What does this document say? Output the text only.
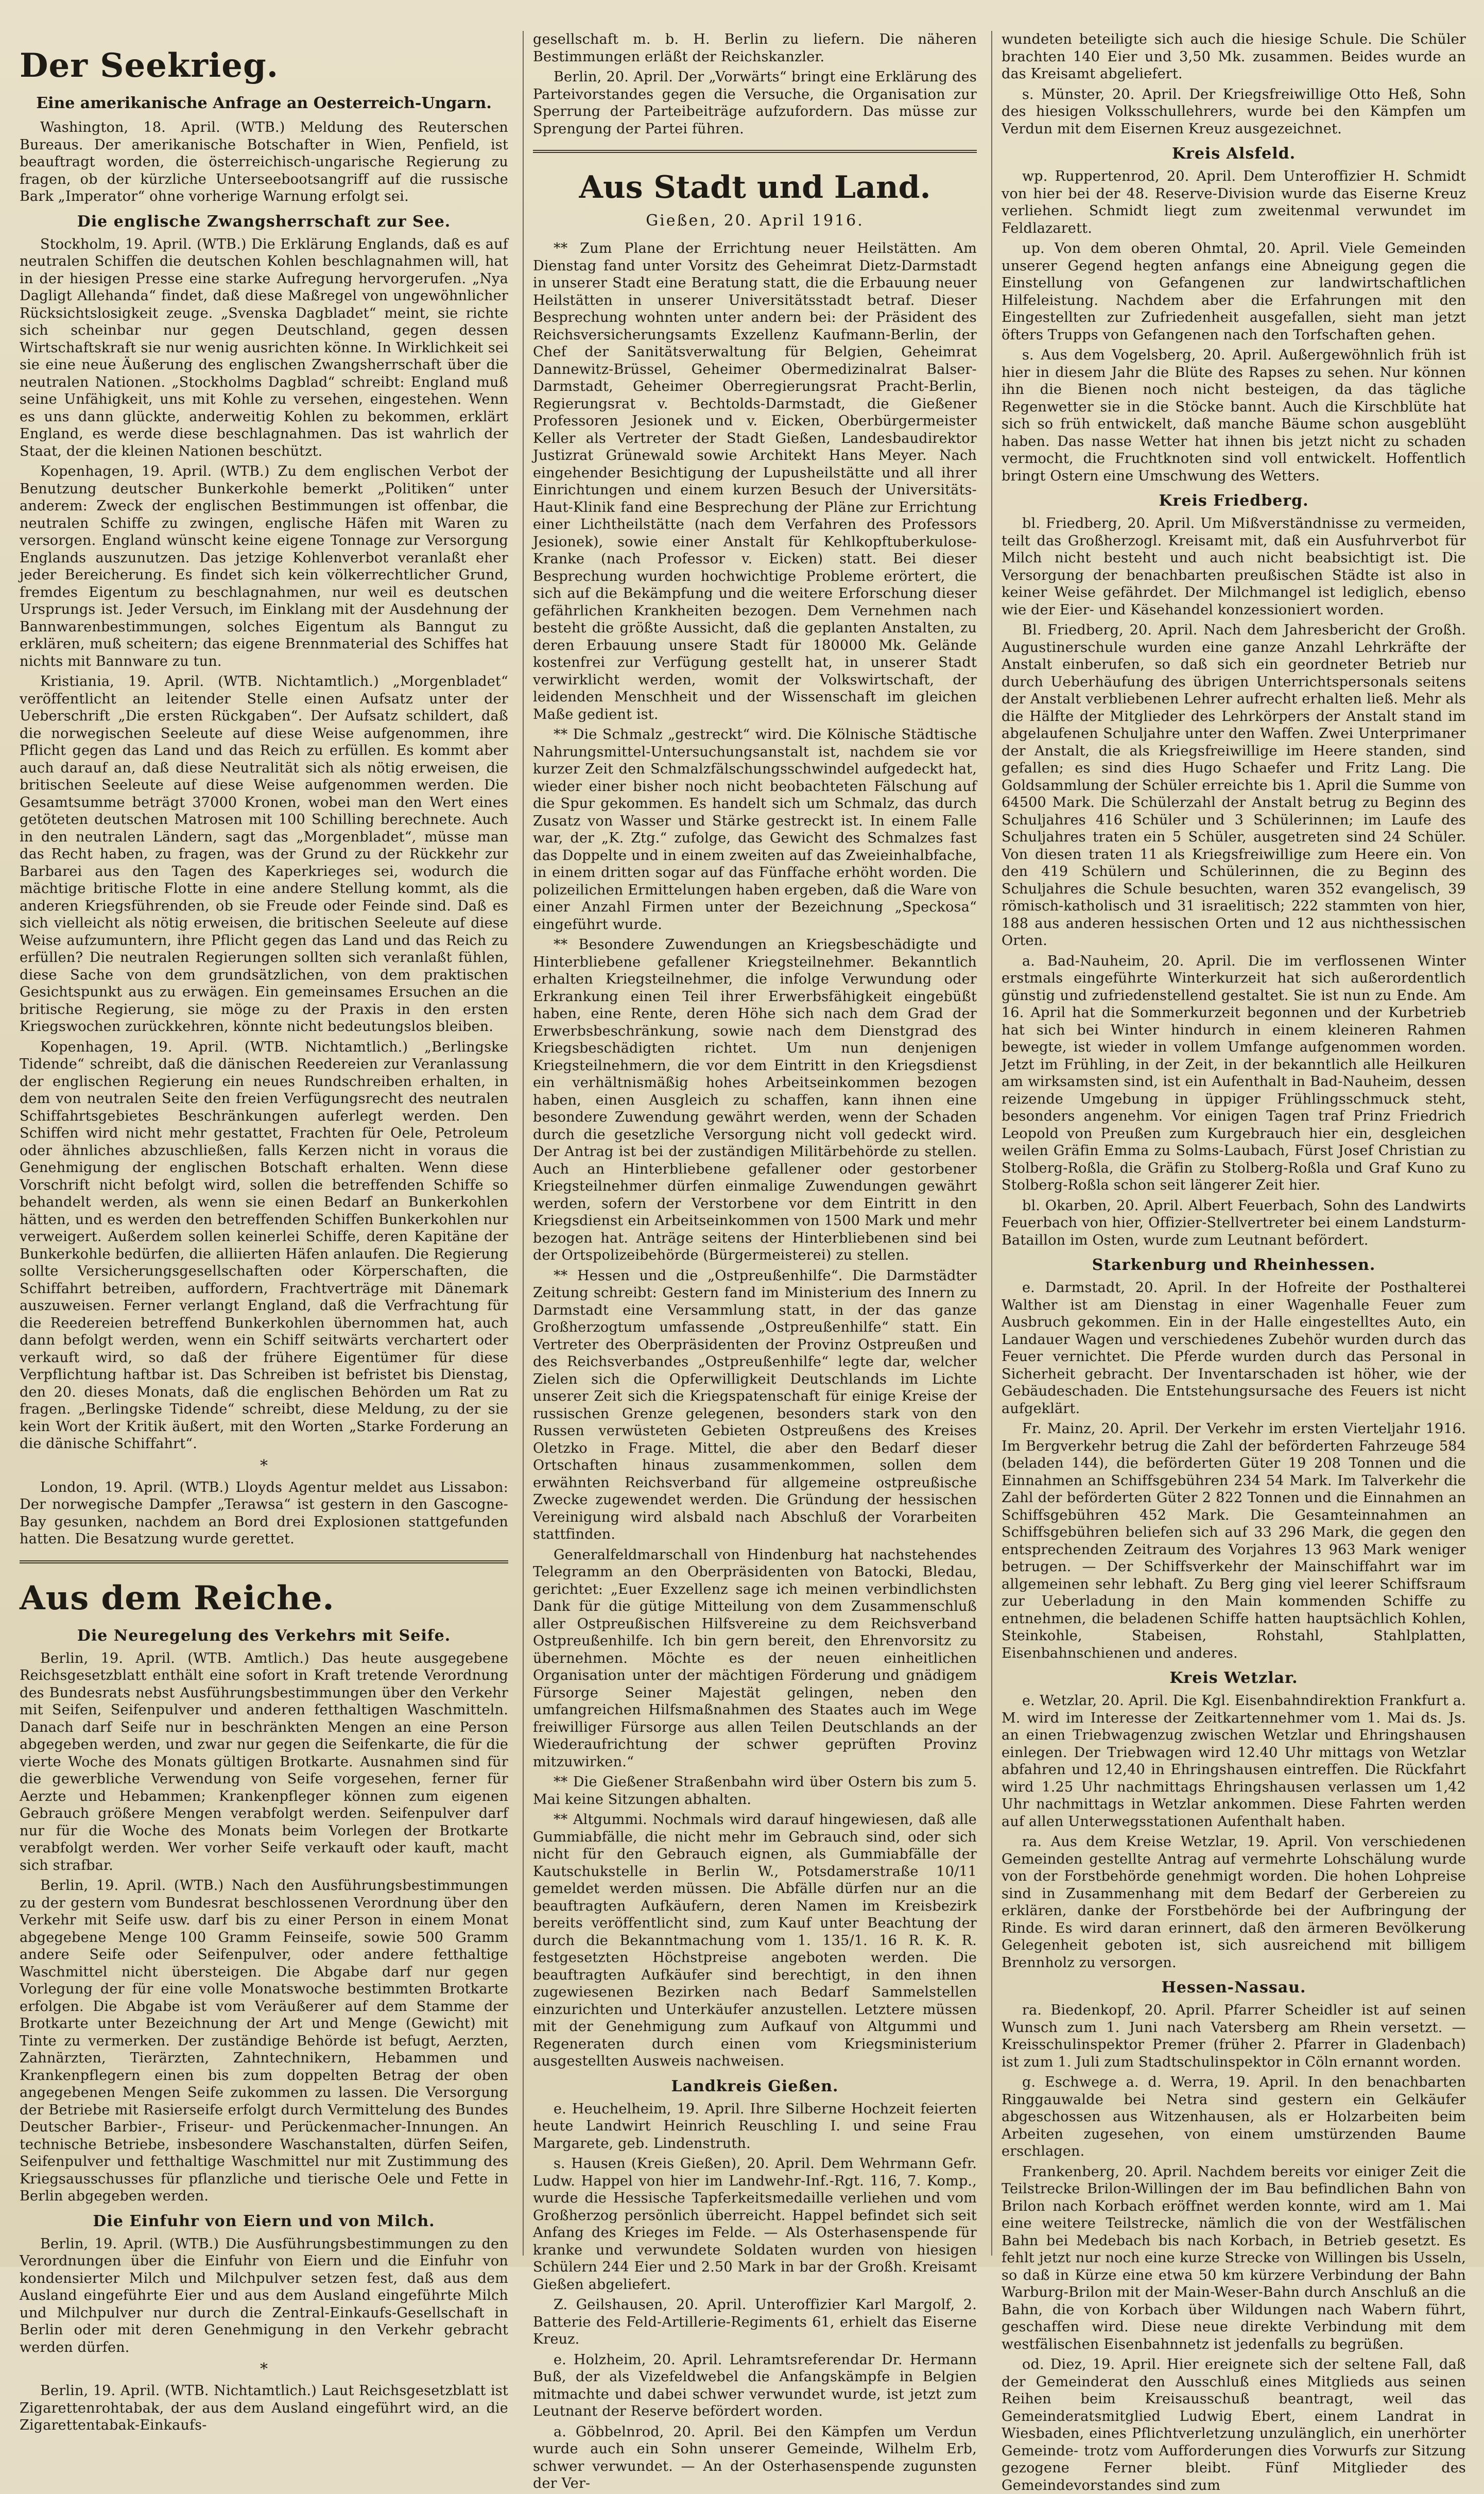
Der Seekrieg.
Eine amerikanische Anfrage an Oesterreich-Ungarn.

Washington, 18. April. (WTB.) Meldung des Reuterschen Bureaus. Der amerikanische Botschafter in Wien, Penfield, ist beauftragt worden, die österreichisch-ungarische Regierung zu fragen, ob der kürzliche Unterseebootsangriff auf die russische Bark „Imperator“ ohne vorherige Warnung erfolgt sei.

Die englische Zwangsherrschaft zur See.

Stockholm, 19. April. (WTB.) Die Erklärung Englands, daß es auf neutralen Schiffen die deutschen Kohlen beschlagnahmen will, hat in der hiesigen Presse eine starke Aufregung hervorgerufen. „Nya Dagligt Allehanda“ findet, daß diese Maßregel von ungewöhnlicher Rücksichtslosigkeit zeuge. „Svenska Dagbladet“ meint, sie richte sich scheinbar nur gegen Deutschland, gegen dessen Wirtschaftskraft sie nur wenig ausrichten könne. In Wirklichkeit sei sie eine neue Äußerung des englischen Zwangsherrschaft über die neutralen Nationen. „Stockholms Dagblad“ schreibt: England muß seine Unfähigkeit, uns mit Kohle zu versehen, eingestehen. Wenn es uns dann glückte, anderweitig Kohlen zu bekommen, erklärt England, es werde diese beschlagnahmen. Das ist wahrlich der Staat, der die kleinen Nationen beschützt.

Kopenhagen, 19. April. (WTB.) Zu dem englischen Verbot der Benutzung deutscher Bunkerkohle bemerkt „Politiken“ unter anderem: Zweck der englischen Bestimmungen ist offenbar, die neutralen Schiffe zu zwingen, englische Häfen mit Waren zu versorgen. England wünscht keine eigene Tonnage zur Versorgung Englands auszunutzen. Das jetzige Kohlenverbot veranlaßt eher jeder Bereicherung. Es findet sich kein völkerrechtlicher Grund, fremdes Eigentum zu beschlagnahmen, nur weil es deutschen Ursprungs ist. Jeder Versuch, im Einklang mit der Ausdehnung der Bannwarenbestimmungen, solches Eigentum als Banngut zu erklären, muß scheitern; das eigene Brennmaterial des Schiffes hat nichts mit Bannware zu tun.

Kristiania, 19. April. (WTB. Nichtamtlich.) „Morgenbladet“ veröffentlicht an leitender Stelle einen Aufsatz unter der Ueberschrift „Die ersten Rückgaben“. Der Aufsatz schildert, daß die norwegischen Seeleute auf diese Weise aufgenommen, ihre Pflicht gegen das Land und das Reich zu erfüllen. Es kommt aber auch darauf an, daß diese Neutralität sich als nötig erweisen, die britischen Seeleute auf diese Weise aufgenommen werden. Die Gesamtsumme beträgt 37000 Kronen, wobei man den Wert eines getöteten deutschen Matrosen mit 100 Schilling berechnete. Auch in den neutralen Ländern, sagt das „Morgenbladet“, müsse man das Recht haben, zu fragen, was der Grund zu der Rückkehr zur Barbarei aus den Tagen des Kaperkrieges sei, wodurch die mächtige britische Flotte in eine andere Stellung kommt, als die anderen Kriegsführenden, ob sie Freude oder Feinde sind. Daß es sich vielleicht als nötig erweisen, die britischen Seeleute auf diese Weise aufzumuntern, ihre Pflicht gegen das Land und das Reich zu erfüllen? Die neutralen Regierungen sollten sich veranlaßt fühlen, diese Sache von dem grundsätzlichen, von dem praktischen Gesichtspunkt aus zu erwägen. Ein gemeinsames Ersuchen an die britische Regierung, sie möge zu der Praxis in den ersten Kriegswochen zurückkehren, könnte nicht bedeutungslos bleiben.

Kopenhagen, 19. April. (WTB. Nichtamtlich.) „Berlingske Tidende“ schreibt, daß die dänischen Reedereien zur Veranlassung der englischen Regierung ein neues Rundschreiben erhalten, in dem von neutralen Seite den freien Verfügungsrecht des neutralen Schiffahrtsgebietes Beschränkungen auferlegt werden. Den Schiffen wird nicht mehr gestattet, Frachten für Oele, Petroleum oder ähnliches abzuschließen, falls Kerzen nicht in voraus die Genehmigung der englischen Botschaft erhalten. Wenn diese Vorschrift nicht befolgt wird, sollen die betreffenden Schiffe so behandelt werden, als wenn sie einen Bedarf an Bunkerkohlen hätten, und es werden den betreffenden Schiffen Bunkerkohlen nur verweigert. Außerdem sollen keinerlei Schiffe, deren Kapitäne der Bunkerkohle bedürfen, die alliierten Häfen anlaufen. Die Regierung sollte Versicherungsgesellschaften oder Körperschaften, die Schiffahrt betreiben, auffordern, Frachtverträge mit Dänemark auszuweisen. Ferner verlangt England, daß die Verfrachtung für die Reedereien betreffend Bunkerkohlen übernommen hat, auch dann befolgt werden, wenn ein Schiff seitwärts verchartert oder verkauft wird, so daß der frühere Eigentümer für diese Verpflichtung haftbar ist. Das Schreiben ist befristet bis Dienstag, den 20. dieses Monats, daß die englischen Behörden um Rat zu fragen. „Berlingske Tidende“ schreibt, diese Meldung, zu der sie kein Wort der Kritik äußert, mit den Worten „Starke Forderung an die dänische Schiffahrt“.

*

London, 19. April. (WTB.) Lloyds Agentur meldet aus Lissabon: Der norwegische Dampfer „Terawsa“ ist gestern in den Gascogne-Bay gesunken, nachdem an Bord drei Explosionen stattgefunden hatten. Die Besatzung wurde gerettet.

Aus dem Reiche.
Die Neuregelung des Verkehrs mit Seife.

Berlin, 19. April. (WTB. Amtlich.) Das heute ausgegebene Reichsgesetzblatt enthält eine sofort in Kraft tretende Verordnung des Bundesrats nebst Ausführungsbestimmungen über den Verkehr mit Seifen, Seifenpulver und anderen fetthaltigen Waschmitteln. Danach darf Seife nur in beschränkten Mengen an eine Person abgegeben werden, und zwar nur gegen die Seifenkarte, die für die vierte Woche des Monats gültigen Brotkarte. Ausnahmen sind für die gewerbliche Verwendung von Seife vorgesehen, ferner für Aerzte und Hebammen; Krankenpfleger können zum eigenen Gebrauch größere Mengen verabfolgt werden. Seifenpulver darf nur für die Woche des Monats beim Vorlegen der Brotkarte verabfolgt werden. Wer vorher Seife verkauft oder kauft, macht sich strafbar.

Berlin, 19. April. (WTB.) Nach den Ausführungsbestimmungen zu der gestern vom Bundesrat beschlossenen Verordnung über den Verkehr mit Seife usw. darf bis zu einer Person in einem Monat abgegebene Menge 100 Gramm Feinseife, sowie 500 Gramm andere Seife oder Seifenpulver, oder andere fetthaltige Waschmittel nicht übersteigen. Die Abgabe darf nur gegen Vorlegung der für eine volle Monatswoche bestimmten Brotkarte erfolgen. Die Abgabe ist vom Veräußerer auf dem Stamme der Brotkarte unter Bezeichnung der Art und Menge (Gewicht) mit Tinte zu vermerken. Der zuständige Behörde ist befugt, Aerzten, Zahnärzten, Tierärzten, Zahntechnikern, Hebammen und Krankenpflegern einen bis zum doppelten Betrag der oben angegebenen Mengen Seife zukommen zu lassen. Die Versorgung der Betriebe mit Rasierseife erfolgt durch Vermittelung des Bundes Deutscher Barbier-, Friseur- und Perückenmacher-Innungen. An technische Betriebe, insbesondere Waschanstalten, dürfen Seifen, Seifenpulver und fetthaltige Waschmittel nur mit Zustimmung des Kriegsausschusses für pflanzliche und tierische Oele und Fette in Berlin abgegeben werden.

Die Einfuhr von Eiern und von Milch.

Berlin, 19. April. (WTB.) Die Ausführungsbestimmungen zu den Verordnungen über die Einfuhr von Eiern und die Einfuhr von kondensierter Milch und Milchpulver setzen fest, daß aus dem Ausland eingeführte Eier und aus dem Ausland eingeführte Milch und Milchpulver nur durch die Zentral-Einkaufs-Gesellschaft in Berlin oder mit deren Genehmigung in den Verkehr gebracht werden dürfen.

*

Berlin, 19. April. (WTB. Nichtamtlich.) Laut Reichsgesetzblatt ist Zigarettenrohtabak, der aus dem Ausland eingeführt wird, an die Zigarettentabak-Einkaufs-

gesellschaft m. b. H. Berlin zu liefern. Die näheren Bestimmungen erläßt der Reichskanzler.

Berlin, 20. April. Der „Vorwärts“ bringt eine Erklärung des Parteivorstandes gegen die Versuche, die Organisation zur Sperrung der Parteibeiträge aufzufordern. Das müsse zur Sprengung der Partei führen.

Aus Stadt und Land.
Gießen, 20. April 1916.

** Zum Plane der Errichtung neuer Heilstätten. Am Dienstag fand unter Vorsitz des Geheimrat Dietz-Darmstadt in unserer Stadt eine Beratung statt, die die Erbauung neuer Heilstätten in unserer Universitätsstadt betraf. Dieser Besprechung wohnten unter andern bei: der Präsident des Reichsversicherungsamts Exzellenz Kaufmann-Berlin, der Chef der Sanitätsverwaltung für Belgien, Geheimrat Dannewitz-Brüssel, Geheimer Obermedizinalrat Balser-Darmstadt, Geheimer Oberregierungsrat Pracht-Berlin, Regierungsrat v. Bechtolds-Darmstadt, die Gießener Professoren Jesionek und v. Eicken, Oberbürgermeister Keller als Vertreter der Stadt Gießen, Landesbaudirektor Justizrat Grünewald sowie Architekt Hans Meyer. Nach eingehender Besichtigung der Lupusheilstätte und all ihrer Einrichtungen und einem kurzen Besuch der Universitäts-Haut-Klinik fand eine Besprechung der Pläne zur Errichtung einer Lichtheilstätte (nach dem Verfahren des Professors Jesionek), sowie einer Anstalt für Kehlkopftuberkulose-Kranke (nach Professor v. Eicken) statt. Bei dieser Besprechung wurden hochwichtige Probleme erörtert, die sich auf die Bekämpfung und die weitere Erforschung dieser gefährlichen Krankheiten bezogen. Dem Vernehmen nach besteht die größte Aussicht, daß die geplanten Anstalten, zu deren Erbauung unsere Stadt für 180000 Mk. Gelände kostenfrei zur Verfügung gestellt hat, in unserer Stadt verwirklicht werden, womit der Volkswirtschaft, der leidenden Menschheit und der Wissenschaft im gleichen Maße gedient ist.

** Die Schmalz „gestreckt“ wird. Die Kölnische Städtische Nahrungsmittel-Untersuchungsanstalt ist, nachdem sie vor kurzer Zeit den Schmalzfälschungsschwindel aufgedeckt hat, wieder einer bisher noch nicht beobachteten Fälschung auf die Spur gekommen. Es handelt sich um Schmalz, das durch Zusatz von Wasser und Stärke gestreckt ist. In einem Falle war, der „K. Ztg.“ zufolge, das Gewicht des Schmalzes fast das Doppelte und in einem zweiten auf das Zweieinhalbfache, in einem dritten sogar auf das Fünffache erhöht worden. Die polizeilichen Ermittelungen haben ergeben, daß die Ware von einer Anzahl Firmen unter der Bezeichnung „Speckosa“ eingeführt wurde.

** Besondere Zuwendungen an Kriegsbeschädigte und Hinterbliebene gefallener Kriegsteilnehmer. Bekanntlich erhalten Kriegsteilnehmer, die infolge Verwundung oder Erkrankung einen Teil ihrer Erwerbsfähigkeit eingebüßt haben, eine Rente, deren Höhe sich nach dem Grad der Erwerbsbeschränkung, sowie nach dem Dienstgrad des Kriegsbeschädigten richtet. Um nun denjenigen Kriegsteilnehmern, die vor dem Eintritt in den Kriegsdienst ein verhältnismäßig hohes Arbeitseinkommen bezogen haben, einen Ausgleich zu schaffen, kann ihnen eine besondere Zuwendung gewährt werden, wenn der Schaden durch die gesetzliche Versorgung nicht voll gedeckt wird. Der Antrag ist bei der zuständigen Militärbehörde zu stellen. Auch an Hinterbliebene gefallener oder gestorbener Kriegsteilnehmer dürfen einmalige Zuwendungen gewährt werden, sofern der Verstorbene vor dem Eintritt in den Kriegsdienst ein Arbeitseinkommen von 1500 Mark und mehr bezogen hat. Anträge seitens der Hinterbliebenen sind bei der Ortspolizeibehörde (Bürgermeisterei) zu stellen.

** Hessen und die „Ostpreußenhilfe“. Die Darmstädter Zeitung schreibt: Gestern fand im Ministerium des Innern zu Darmstadt eine Versammlung statt, in der das ganze Großherzogtum umfassende „Ostpreußenhilfe“ statt. Ein Vertreter des Oberpräsidenten der Provinz Ostpreußen und des Reichsverbandes „Ostpreußenhilfe“ legte dar, welcher Zielen sich die Opferwilligkeit Deutschlands im Lichte unserer Zeit sich die Kriegspatenschaft für einige Kreise der russischen Grenze gelegenen, besonders stark von den Russen verwüsteten Gebieten Ostpreußens des Kreises Oletzko in Frage. Mittel, die aber den Bedarf dieser Ortschaften hinaus zusammenkommen, sollen dem erwähnten Reichsverband für allgemeine ostpreußische Zwecke zugewendet werden. Die Gründung der hessischen Vereinigung wird alsbald nach Abschluß der Vorarbeiten stattfinden.

Generalfeldmarschall von Hindenburg hat nachstehendes Telegramm an den Oberpräsidenten von Batocki, Bledau, gerichtet: „Euer Exzellenz sage ich meinen verbindlichsten Dank für die gütige Mitteilung von dem Zusammenschluß aller Ostpreußischen Hilfsvereine zu dem Reichsverband Ostpreußenhilfe. Ich bin gern bereit, den Ehrenvorsitz zu übernehmen. Möchte es der neuen einheitlichen Organisation unter der mächtigen Förderung und gnädigem Fürsorge Seiner Majestät gelingen, neben den umfangreichen Hilfsmaßnahmen des Staates auch im Wege freiwilliger Fürsorge aus allen Teilen Deutschlands an der Wiederaufrichtung der schwer geprüften Provinz mitzuwirken.“

** Die Gießener Straßenbahn wird über Ostern bis zum 5. Mai keine Sitzungen abhalten.

** Altgummi. Nochmals wird darauf hingewiesen, daß alle Gummiabfälle, die nicht mehr im Gebrauch sind, oder sich nicht für den Gebrauch eignen, als Gummiabfälle der Kautschukstelle in Berlin W., Potsdamerstraße 10/11 gemeldet werden müssen. Die Abfälle dürfen nur an die beauftragten Aufkäufern, deren Namen im Kreisbezirk bereits veröffentlicht sind, zum Kauf unter Beachtung der durch die Bekanntmachung vom 1. 135/1. 16 R. K. R. festgesetzten Höchstpreise angeboten werden. Die beauftragten Aufkäufer sind berechtigt, in den ihnen zugewiesenen Bezirken nach Bedarf Sammelstellen einzurichten und Unterkäufer anzustellen. Letztere müssen mit der Genehmigung zum Aufkauf von Altgummi und Regeneraten durch einen vom Kriegsministerium ausgestellten Ausweis nachweisen.

Landkreis Gießen.

e. Heuchelheim, 19. April. Ihre Silberne Hochzeit feierten heute Landwirt Heinrich Reuschling I. und seine Frau Margarete, geb. Lindenstruth.

s. Hausen (Kreis Gießen), 20. April. Dem Wehrmann Gefr. Ludw. Happel von hier im Landwehr-Inf.-Rgt. 116, 7. Komp., wurde die Hessische Tapferkeitsmedaille verliehen und vom Großherzog persönlich überreicht. Happel befindet sich seit Anfang des Krieges im Felde. — Als Osterhasenspende für kranke und verwundete Soldaten wurden von hiesigen Schülern 244 Eier und 2.50 Mark in bar der Großh. Kreisamt Gießen abgeliefert.

Z. Geilshausen, 20. April. Unteroffizier Karl Margolf, 2. Batterie des Feld-Artillerie-Regiments 61, erhielt das Eiserne Kreuz.

e. Holzheim, 20. April. Lehramtsreferendar Dr. Hermann Buß, der als Vizefeldwebel die Anfangskämpfe in Belgien mitmachte und dabei schwer verwundet wurde, ist jetzt zum Leutnant der Reserve befördert worden.

a. Göbbelnrod, 20. April. Bei den Kämpfen um Verdun wurde auch ein Sohn unserer Gemeinde, Wilhelm Erb, schwer verwundet. — An der Osterhasenspende zugunsten der Ver-

wundeten beteiligte sich auch die hiesige Schule. Die Schüler brachten 140 Eier und 3,50 Mk. zusammen. Beides wurde an das Kreisamt abgeliefert.

s. Münster, 20. April. Der Kriegsfreiwillige Otto Heß, Sohn des hiesigen Volksschullehrers, wurde bei den Kämpfen um Verdun mit dem Eisernen Kreuz ausgezeichnet.

Kreis Alsfeld.

wp. Ruppertenrod, 20. April. Dem Unteroffizier H. Schmidt von hier bei der 48. Reserve-Division wurde das Eiserne Kreuz verliehen. Schmidt liegt zum zweitenmal verwundet im Feldlazarett.

up. Von dem oberen Ohmtal, 20. April. Viele Gemeinden unserer Gegend hegten anfangs eine Abneigung gegen die Einstellung von Gefangenen zur landwirtschaftlichen Hilfeleistung. Nachdem aber die Erfahrungen mit den Eingestellten zur Zufriedenheit ausgefallen, sieht man jetzt öfters Trupps von Gefangenen nach den Torfschaften gehen.

s. Aus dem Vogelsberg, 20. April. Außergewöhnlich früh ist hier in diesem Jahr die Blüte des Rapses zu sehen. Nur können ihn die Bienen noch nicht besteigen, da das tägliche Regenwetter sie in die Stöcke bannt. Auch die Kirschblüte hat sich so früh entwickelt, daß manche Bäume schon ausgeblüht haben. Das nasse Wetter hat ihnen bis jetzt nicht zu schaden vermocht, die Fruchtknoten sind voll entwickelt. Hoffentlich bringt Ostern eine Umschwung des Wetters.

Kreis Friedberg.

bl. Friedberg, 20. April. Um Mißverständnisse zu vermeiden, teilt das Großherzogl. Kreisamt mit, daß ein Ausfuhrverbot für Milch nicht besteht und auch nicht beabsichtigt ist. Die Versorgung der benachbarten preußischen Städte ist also in keiner Weise gefährdet. Der Milchmangel ist lediglich, ebenso wie der Eier- und Käsehandel konzessioniert worden.

Bl. Friedberg, 20. April. Nach dem Jahresbericht der Großh. Augustinerschule wurden eine ganze Anzahl Lehrkräfte der Anstalt einberufen, so daß sich ein geordneter Betrieb nur durch Ueberhäufung des übrigen Unterrichtspersonals seitens der Anstalt verbliebenen Lehrer aufrecht erhalten ließ. Mehr als die Hälfte der Mitglieder des Lehrkörpers der Anstalt stand im abgelaufenen Schuljahre unter den Waffen. Zwei Unterprimaner der Anstalt, die als Kriegsfreiwillige im Heere standen, sind gefallen; es sind dies Hugo Schaefer und Fritz Lang. Die Goldsammlung der Schüler erreichte bis 1. April die Summe von 64500 Mark. Die Schülerzahl der Anstalt betrug zu Beginn des Schuljahres 416 Schüler und 3 Schülerinnen; im Laufe des Schuljahres traten ein 5 Schüler, ausgetreten sind 24 Schüler. Von diesen traten 11 als Kriegsfreiwillige zum Heere ein. Von den 419 Schülern und Schülerinnen, die zu Beginn des Schuljahres die Schule besuchten, waren 352 evangelisch, 39 römisch-katholisch und 31 israelitisch; 222 stammten von hier, 188 aus anderen hessischen Orten und 12 aus nichthessischen Orten.

a. Bad-Nauheim, 20. April. Die im verflossenen Winter erstmals eingeführte Winterkurzeit hat sich außerordentlich günstig und zufriedenstellend gestaltet. Sie ist nun zu Ende. Am 16. April hat die Sommerkurzeit begonnen und der Kurbetrieb hat sich bei Winter hindurch in einem kleineren Rahmen bewegte, ist wieder in vollem Umfange aufgenommen worden. Jetzt im Frühling, in der Zeit, in der bekanntlich alle Heilkuren am wirksamsten sind, ist ein Aufenthalt in Bad-Nauheim, dessen reizende Umgebung in üppiger Frühlingsschmuck steht, besonders angenehm. Vor einigen Tagen traf Prinz Friedrich Leopold von Preußen zum Kurgebrauch hier ein, desgleichen weilen Gräfin Emma zu Solms-Laubach, Fürst Josef Christian zu Stolberg-Roßla, die Gräfin zu Stolberg-Roßla und Graf Kuno zu Stolberg-Roßla schon seit längerer Zeit hier.

bl. Okarben, 20. April. Albert Feuerbach, Sohn des Landwirts Feuerbach von hier, Offizier-Stellvertreter bei einem Landsturm-Bataillon im Osten, wurde zum Leutnant befördert.

Starkenburg und Rheinhessen.

e. Darmstadt, 20. April. In der Hofreite der Posthalterei Walther ist am Dienstag in einer Wagenhalle Feuer zum Ausbruch gekommen. Ein in der Halle eingestelltes Auto, ein Landauer Wagen und verschiedenes Zubehör wurden durch das Feuer vernichtet. Die Pferde wurden durch das Personal in Sicherheit gebracht. Der Inventarschaden ist höher, wie der Gebäudeschaden. Die Entstehungsursache des Feuers ist nicht aufgeklärt.

Fr. Mainz, 20. April. Der Verkehr im ersten Vierteljahr 1916. Im Bergverkehr betrug die Zahl der beförderten Fahrzeuge 584 (beladen 144), die beförderten Güter 19 208 Tonnen und die Einnahmen an Schiffsgebühren 234 54 Mark. Im Talverkehr die Zahl der beförderten Güter 2 822 Tonnen und die Einnahmen an Schiffsgebühren 452 Mark. Die Gesamteinnahmen an Schiffsgebühren beliefen sich auf 33 296 Mark, die gegen den entsprechenden Zeitraum des Vorjahres 13 963 Mark weniger betrugen. — Der Schiffsverkehr der Mainschiffahrt war im allgemeinen sehr lebhaft. Zu Berg ging viel leerer Schiffsraum zur Ueberladung in den Main kommenden Schiffe zu entnehmen, die beladenen Schiffe hatten hauptsächlich Kohlen, Steinkohle, Stabeisen, Rohstahl, Stahlplatten, Eisenbahnschienen und anderes.

Kreis Wetzlar.

e. Wetzlar, 20. April. Die Kgl. Eisenbahndirektion Frankfurt a. M. wird im Interesse der Zeitkartennehmer vom 1. Mai ds. Js. an einen Triebwagenzug zwischen Wetzlar und Ehringshausen einlegen. Der Triebwagen wird 12.40 Uhr mittags von Wetzlar abfahren und 12,40 in Ehringshausen eintreffen. Die Rückfahrt wird 1.25 Uhr nachmittags Ehringshausen verlassen um 1,42 Uhr nachmittags in Wetzlar ankommen. Diese Fahrten werden auf allen Unterwegsstationen Aufenthalt haben.

ra. Aus dem Kreise Wetzlar, 19. April. Von verschiedenen Gemeinden gestellte Antrag auf vermehrte Lohschälung wurde von der Forstbehörde genehmigt worden. Die hohen Lohpreise sind in Zusammenhang mit dem Bedarf der Gerbereien zu erklären, danke der Forstbehörde bei der Aufbringung der Rinde. Es wird daran erinnert, daß den ärmeren Bevölkerung Gelegenheit geboten ist, sich ausreichend mit billigem Brennholz zu versorgen.

Hessen-Nassau.

ra. Biedenkopf, 20. April. Pfarrer Scheidler ist auf seinen Wunsch zum 1. Juni nach Vatersberg am Rhein versetzt. — Kreisschulinspektor Premer (früher 2. Pfarrer in Gladenbach) ist zum 1. Juli zum Stadtschulinspektor in Cöln ernannt worden.

g. Eschwege a. d. Werra, 19. April. In den benachbarten Ringgauwalde bei Netra sind gestern ein Gelkäufer abgeschossen aus Witzenhausen, als er Holzarbeiten beim Arbeiten zugesehen, von einem umstürzenden Baume erschlagen.

Frankenberg, 20. April. Nachdem bereits vor einiger Zeit die Teilstrecke Brilon-Willingen der im Bau befindlichen Bahn von Brilon nach Korbach eröffnet werden konnte, wird am 1. Mai eine weitere Teilstrecke, nämlich die von der Westfälischen Bahn bei Medebach bis nach Korbach, in Betrieb gesetzt. Es fehlt jetzt nur noch eine kurze Strecke von Willingen bis Usseln, so daß in Kürze eine etwa 50 km kürzere Verbindung der Bahn Warburg-Brilon mit der Main-Weser-Bahn durch Anschluß an die Bahn, die von Korbach über Wildungen nach Wabern führt, geschaffen wird. Diese neue direkte Verbindung mit dem westfälischen Eisenbahnnetz ist jedenfalls zu begrüßen.

od. Diez, 19. April. Hier ereignete sich der seltene Fall, daß der Gemeinderat den Ausschluß eines Mitglieds aus seinen Reihen beim Kreisausschuß beantragt, weil das Gemeinderatsmitglied Ludwig Ebert, einem Landrat in Wiesbaden, eines Pflichtverletzung unzulänglich, ein unerhörter Gemeinde- trotz vom Aufforderungen dies Vorwurfs zur Sitzung gezogene Ferner bleibt. Fünf Mitglieder des Gemeindevorstandes sind zum
